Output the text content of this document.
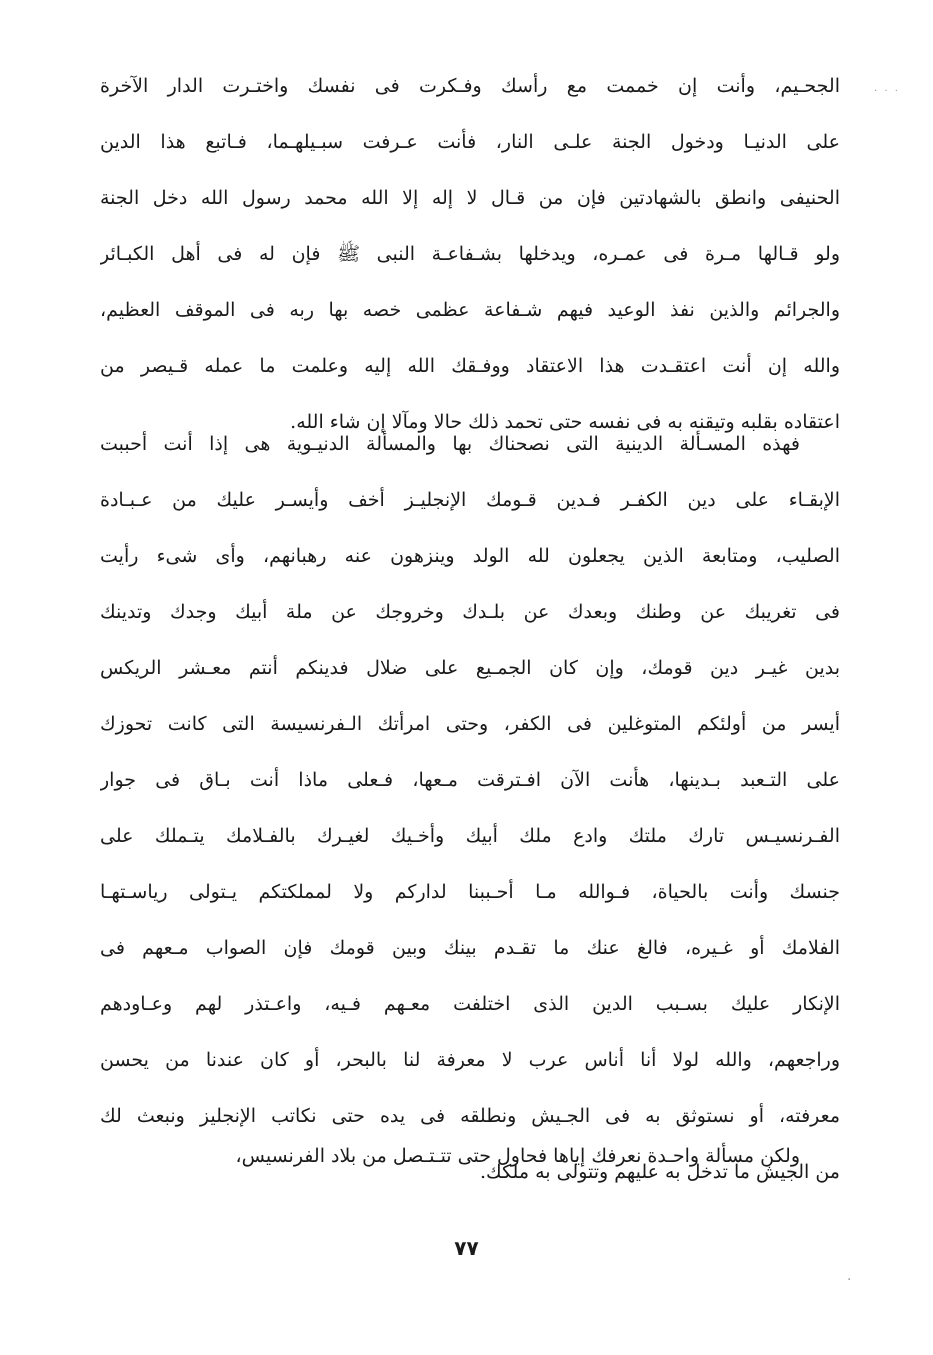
· · ·
الجحـيم، وأنت إن خممت مع رأسك وفـكرت فى نفسك واختـرت الدار الآخرة
على الدنيـا ودخول الجنة علـى النار، فأنت عـرفت سبـيلهـما، فـاتبع هذا الدين
الحنيفى وانطق بالشهادتين فإن من قـال لا إله إلا الله محمد رسول الله دخل الجنة
ولو قـالها مـرة فى عمـره، ويدخلها بشـفاعـة النبى ﷺ فإن له فى أهل الكبـائر
والجرائم والذين نفذ الوعيد فيهم شـفاعة عظمى خصه بها ربه فى الموقف العظيم،
والله إن أنت اعتقـدت هذا الاعتقاد ووفـقك الله إليه وعلمت ما عمله قـيصر من
اعتقاده بقلبه وتيقنه به فى نفسه حتى تحمد ذلك حالا ومآلا إن شاء الله.
فهذه المسـألة الدينية التى نصحناك بها والمسألة الدنيـوية هى إذا أنت أحببت
الإبقـاء على دين الكفـر فـدين قـومك الإنجليـز أخف وأيسـر عليك من عـبـادة
الصليب، ومتابعة الذين يجعلون لله الولد وينزهون عنه رهبانهم، وأى شىء رأيت
فى تغريبك عن وطنك وبعدك عن بلـدك وخروجك عن ملة أبيك وجدك وتدينك
بدين غيـر دين قومك، وإن كان الجمـيع على ضلال فدينكم أنتم معـشر الريكس
أيسر من أولئكم المتوغلين فى الكفر، وحتى امرأتك الـفرنسيسة التى كانت تحوزك
على التـعبد بـدينها، هأنت الآن افـترقت مـعها، فـعلى ماذا أنت بـاق فى جوار
الفـرنسيـس تارك ملتك وادع ملك أبيك وأخـيك لغيـرك بالفـلامك يتـملك على
جنسك وأنت بالحياة، فـوالله مـا أحـببنا لداركم ولا لمملكتكم يـتولى رياسـتهـا
الفلامك أو غـيره، فالغ عنك ما تقـدم بينك وبين قومك فإن الصواب مـعهم فى
الإنكار عليك بسـبب الدين الذى اختلفت معـهم فـيه، واعـتذر لهم وعـاودهم
وراجعهم، والله لولا أنا أناس عرب لا معرفة لنا بالبحر، أو كان عندنا من يحسن
معرفته، أو نستوثق به فى الجـيش ونطلقه فى يده حتى نكاتب الإنجليز ونبعث لك
من الجيش ما تدخل به عليهم وتتولى به ملكك.
ولكن مسألة واحـدة نعرفك إياها فحاول حتى تتـتـصل من بلاد الفرنسيس،
٧٧
·
